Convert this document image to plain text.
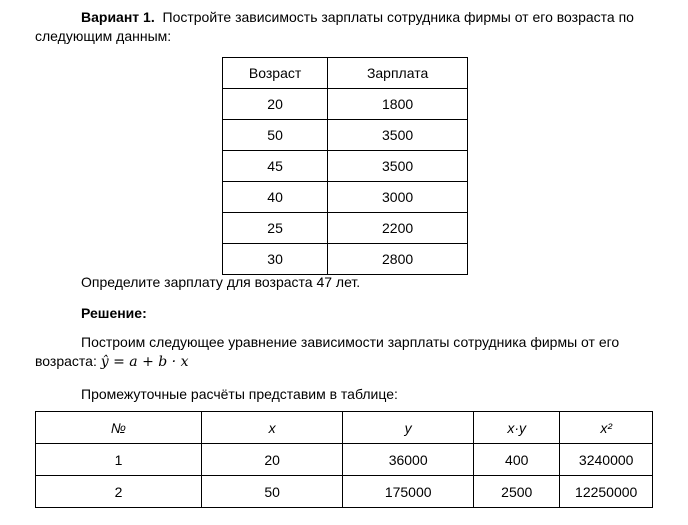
Вариант 1. Постройте зависимость зарплаты сотрудника фирмы от его возраста по следующим данным:

Возраст	Зарплата
20	1800
50	3500
45	3500
40	3000
25	2200
30	2800

Определите зарплату для возраста 47 лет.

Решение:

Построим следующее уравнение зависимости зарплаты сотрудника фирмы от его возраста: ŷ = a + b · x

Промежуточные расчёты представим в таблице:

№	x	y	x·y	x²
1	20	36000	400	3240000
2	50	175000	2500	12250000
